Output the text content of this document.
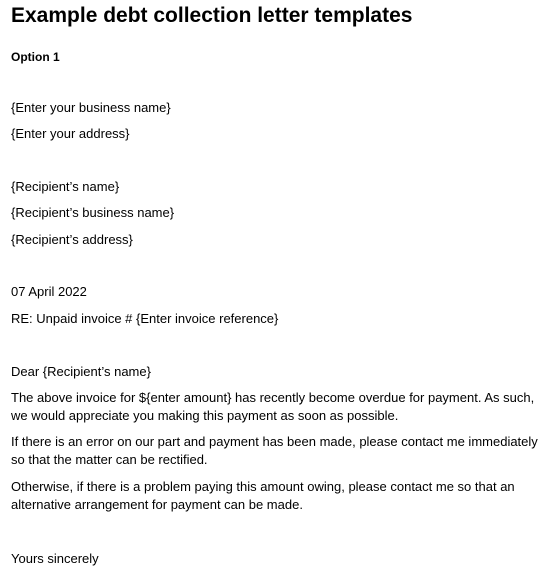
Example debt collection letter templates
Option 1
{Enter your business name}
{Enter your address}
{Recipient’s name}
{Recipient’s business name}
{Recipient’s address}
07 April 2022
RE: Unpaid invoice # {Enter invoice reference}
Dear {Recipient’s name}
The above invoice for ${enter amount} has recently become overdue for payment. As such,
we would appreciate you making this payment as soon as possible.
If there is an error on our part and payment has been made, please contact me immediately
so that the matter can be rectified.
Otherwise, if there is a problem paying this amount owing, please contact me so that an
alternative arrangement for payment can be made.
Yours sincerely
